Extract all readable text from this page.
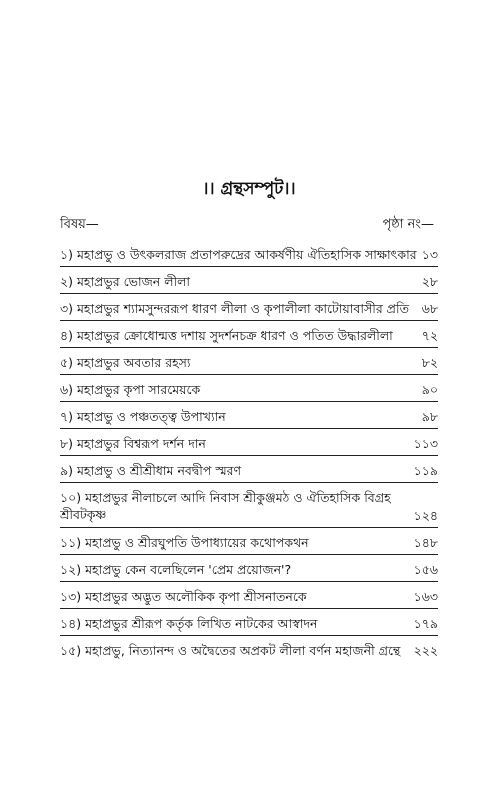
।। গ্রন্থসম্পুট।।
বিষয়—	পৃষ্ঠা নং—
১) মহাপ্রভু ও উৎকলরাজ প্রতাপরুদ্রের আকর্ষণীয় ঐতিহাসিক সাক্ষাৎকার ১৩
২) মহাপ্রভুর ভোজন লীলা	২৮
৩) মহাপ্রভুর শ্যামসুন্দররূপ ধারণ লীলা ও কৃপালীলা কাটোয়াবাসীর প্রতি	৬৮
৪) মহাপ্রভুর ক্রোধোন্মত্ত দশায় সুদর্শনচক্র ধারণ ও পতিত উদ্ধারলীলা	৭২
৫) মহাপ্রভুর অবতার রহস্য	৮২
৬) মহাপ্রভুর কৃপা সারমেয়কে	৯০
৭) মহাপ্রভু ও পঞ্চতত্ত্ব উপাখ্যান	৯৮
৮) মহাপ্রভুর বিশ্বরূপ দর্শন দান	১১৩
৯) মহাপ্রভু ও শ্রীশ্রীধাম নবদ্বীপ স্মরণ	১১৯
১০) মহাপ্রভুর নীলাচলে আদি নিবাস শ্রীকুঞ্জমঠ ও ঐতিহাসিক বিগ্রহ শ্রীবটকৃষ্ণ	১২৪
১১) মহাপ্রভু ও শ্রীরঘুপতি উপাধ্যায়ের কথোপকথন	১৪৮
১২) মহাপ্রভু কেন বলেছিলেন 'প্রেম প্রয়োজন'?	১৫৬
১৩) মহাপ্রভুর অদ্ভুত অলৌকিক কৃপা শ্রীসনাতনকে	১৬৩
১৪) মহাপ্রভুর শ্রীরূপ কর্তৃক লিখিত নাটকের আস্বাদন	১৭৯
১৫) মহাপ্রভু, নিত্যানন্দ ও অদ্বৈতের অপ্রকট লীলা বর্ণন মহাজনী গ্রন্থে	২২২
